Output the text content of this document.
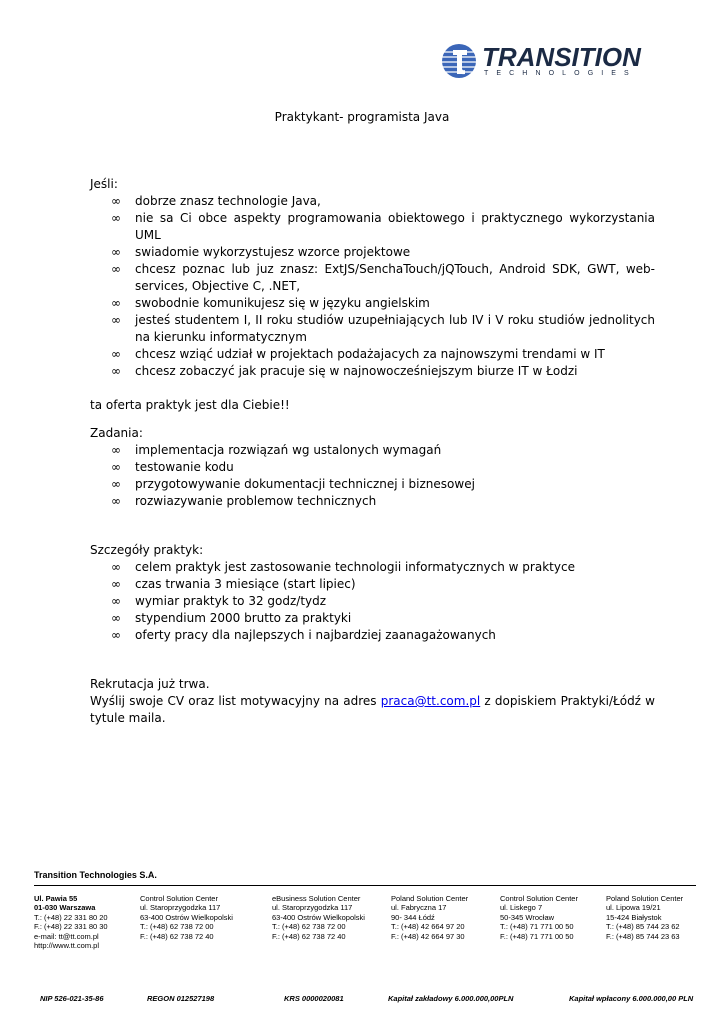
TRANSITION
TECHNOLOGIES
Praktykant- programista Java

Jeśli:

∞	dobrze znasz technologie Java,
∞	nie sa Ci obce aspekty programowania obiektowego i praktycznego wykorzystania UML
∞	swiadomie wykorzystujesz wzorce projektowe
∞	chcesz poznac lub juz znasz: ExtJS/SenchaTouch/jQTouch, Android SDK, GWT, web-services, Objective C, .NET,
∞	swobodnie komunikujesz się w języku angielskim
∞	jesteś studentem I, II roku studiów uzupełniających lub IV i V roku studiów jednolitych na kierunku informatycznym
∞	chcesz wziąć udział w projektach podażajacych za najnowszymi trendami w IT
∞	chcesz zobaczyć jak pracuje się w najnowocześniejszym biurze IT w Łodzi

ta oferta praktyk jest dla Ciebie!!

Zadania:

∞	implementacja rozwiązań wg ustalonych wymagań
∞	testowanie kodu
∞	przygotowywanie dokumentacji technicznej i biznesowej
∞	rozwiazywanie problemow technicznych

Szczegóły praktyk:

∞	celem praktyk jest zastosowanie technologii informatycznych w praktyce
∞	czas trwania 3 miesiące (start lipiec)
∞	wymiar praktyk to 32 godz/tydz
∞	stypendium 2000 brutto za praktyki
∞	oferty pracy dla najlepszych i najbardziej zaanagażowanych

Rekrutacja już trwa.

Wyślij swoje CV oraz list motywacyjny na adres praca@tt.com.pl z dopiskiem Praktyki/Łódź w tytule maila.

Transition Technologies S.A.
Ul. Pawia 55
01-030 Warszawa
T.: (+48) 22 331 80 20
F.: (+48) 22 331 80 30
e-mail: tt@tt.com.pl
http://www.tt.com.pl
Control Solution Center
ul. Staroprzygodzka 117
63-400 Ostrów Wielkopolski
T.: (+48) 62 738 72 00
F.: (+48) 62 738 72 40
eBusiness Solution Center
ul. Staroprzygodzka 117
63-400 Ostrów Wielkopolski
T.: (+48) 62 738 72 00
F.: (+48) 62 738 72 40
Poland Solution Center
ul. Fabryczna 17
90- 344 Łódź
T.: (+48) 42 664 97 20
F.: (+48) 42 664 97 30
Control Solution Center
ul. Liskego 7
50-345 Wrocław
T.: (+48) 71 771 00 50
F.: (+48) 71 771 00 50
Poland Solution Center
ul. Lipowa 19/21
15-424 Białystok
T.: (+48) 85 744 23 62
F.: (+48) 85 744 23 63
NIP 526-021-35-86	REGON 012527198	KRS 0000020081	Kapitał zakładowy 6.000.000,00PLN	Kapitał wpłacony 6.000.000,00 PLN
